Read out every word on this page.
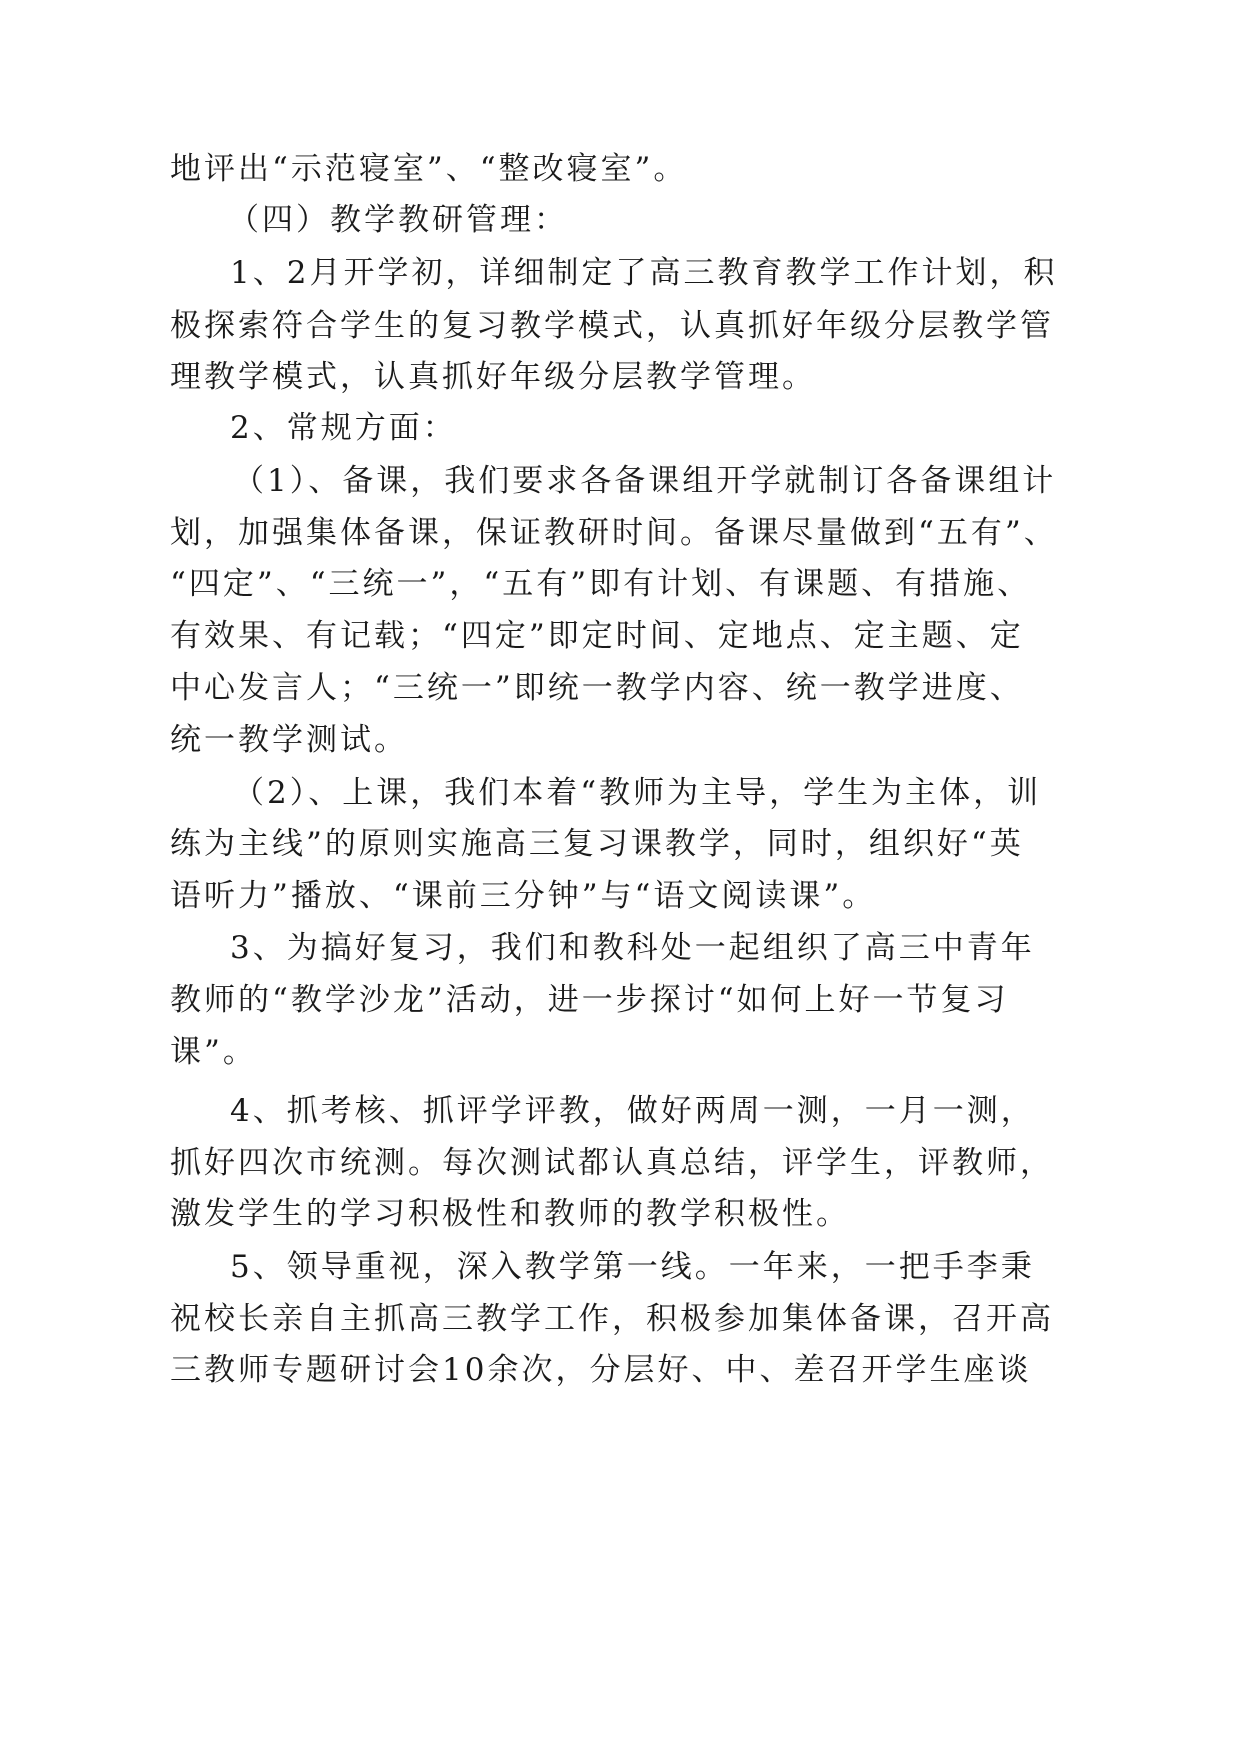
地评出“示范寝室”、“整改寝室”。
（四）教学教研管理：
1、2月开学初，详细制定了高三教育教学工作计划，积
极探索符合学生的复习教学模式，认真抓好年级分层教学管
理教学模式，认真抓好年级分层教学管理。
2、常规方面：
（1）、备课，我们要求各备课组开学就制订各备课组计
划，加强集体备课，保证教研时间。备课尽量做到“五有”、
“四定”、“三统一”，“五有”即有计划、有课题、有措施、
有效果、有记载；“四定”即定时间、定地点、定主题、定
中心发言人；“三统一”即统一教学内容、统一教学进度、
统一教学测试。
（2）、上课，我们本着“教师为主导，学生为主体，训
练为主线”的原则实施高三复习课教学，同时，组织好“英
语听力”播放、“课前三分钟”与“语文阅读课”。
3、为搞好复习，我们和教科处一起组织了高三中青年
教师的“教学沙龙”活动，进一步探讨“如何上好一节复习
课”。
4、抓考核、抓评学评教，做好两周一测，一月一测，
抓好四次市统测。每次测试都认真总结，评学生，评教师，
激发学生的学习积极性和教师的教学积极性。
5、领导重视，深入教学第一线。一年来，一把手李秉
祝校长亲自主抓高三教学工作，积极参加集体备课，召开高
三教师专题研讨会10余次，分层好、中、差召开学生座谈
